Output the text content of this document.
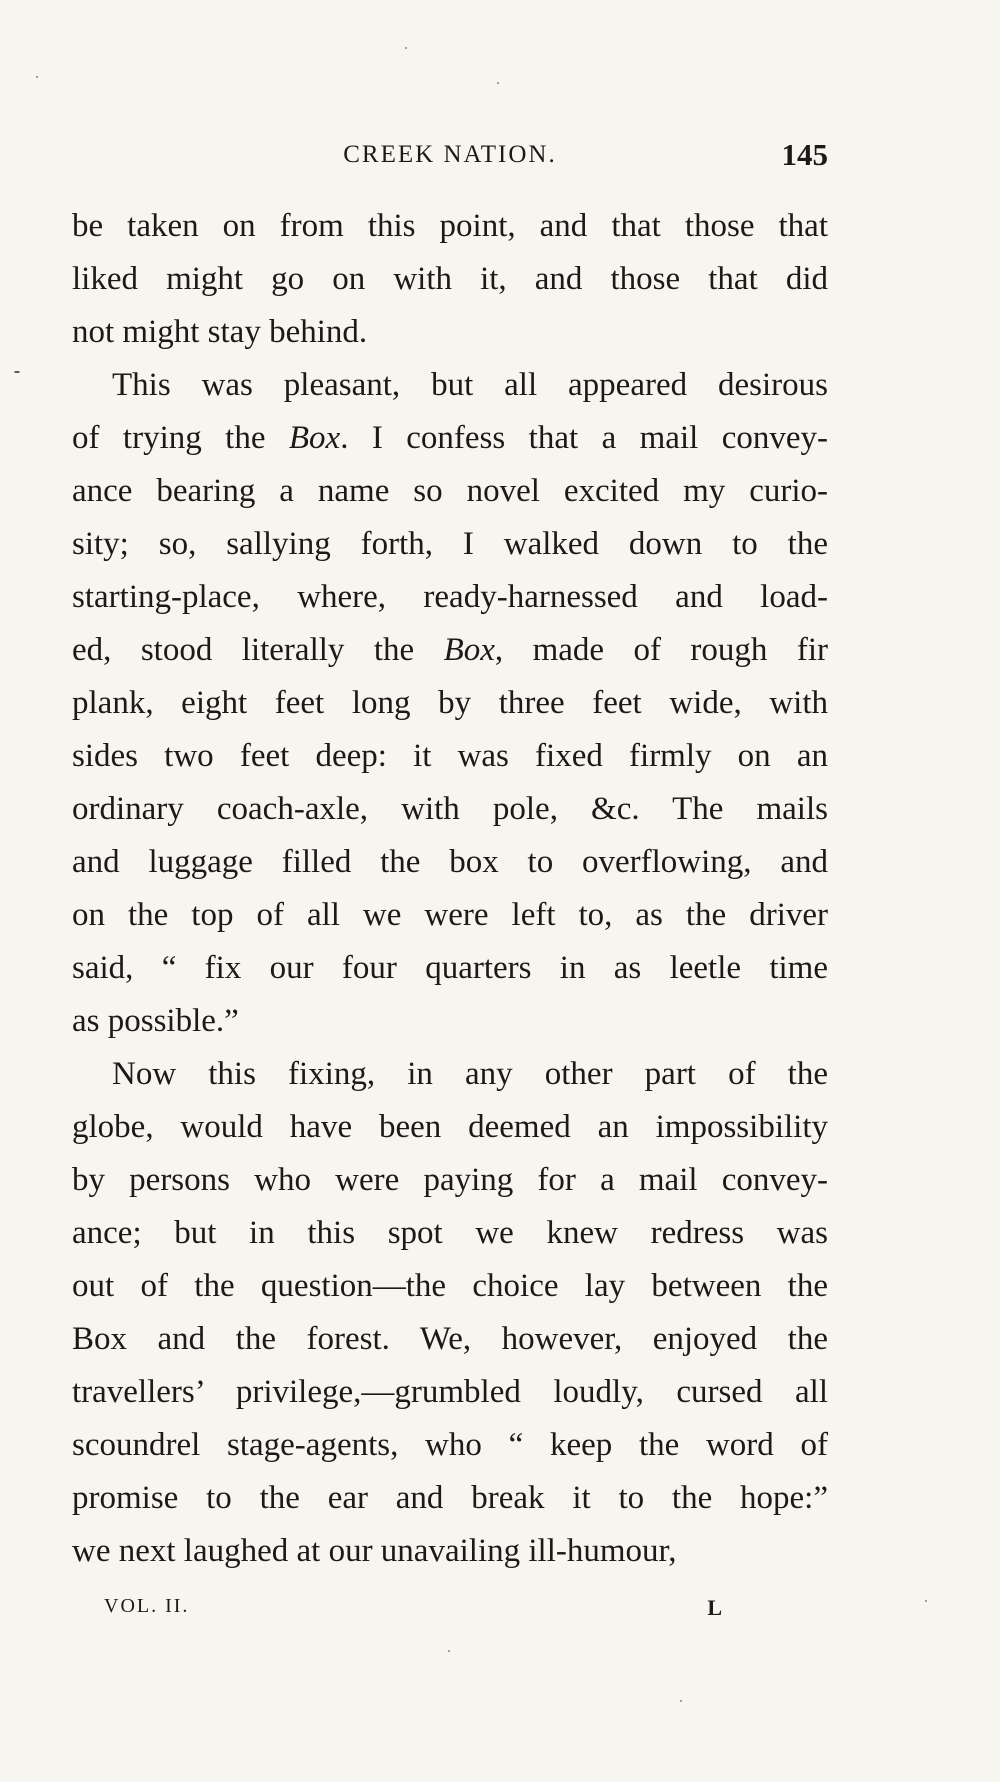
CREEK NATION.	145
be taken on from this point, and that those that
liked might go on with it, and those that did
not might stay behind.
This was pleasant, but all appeared desirous
of trying the Box. I confess that a mail convey-
ance bearing a name so novel excited my curio-
sity; so, sallying forth, I walked down to the
starting-place, where, ready-harnessed and load-
ed, stood literally the Box, made of rough fir
plank, eight feet long by three feet wide, with
sides two feet deep: it was fixed firmly on an
ordinary coach-axle, with pole, &c. The mails
and luggage filled the box to overflowing, and
on the top of all we were left to, as the driver
said, “ fix our four quarters in as leetle time
as possible.”
Now this fixing, in any other part of the
globe, would have been deemed an impossibility
by persons who were paying for a mail convey-
ance; but in this spot we knew redress was
out of the question—the choice lay between the
Box and the forest. We, however, enjoyed the
travellers’ privilege,—grumbled loudly, cursed all
scoundrel stage-agents, who “ keep the word of
promise to the ear and break it to the hope:”
we next laughed at our unavailing ill-humour,
VOL. II.	L
